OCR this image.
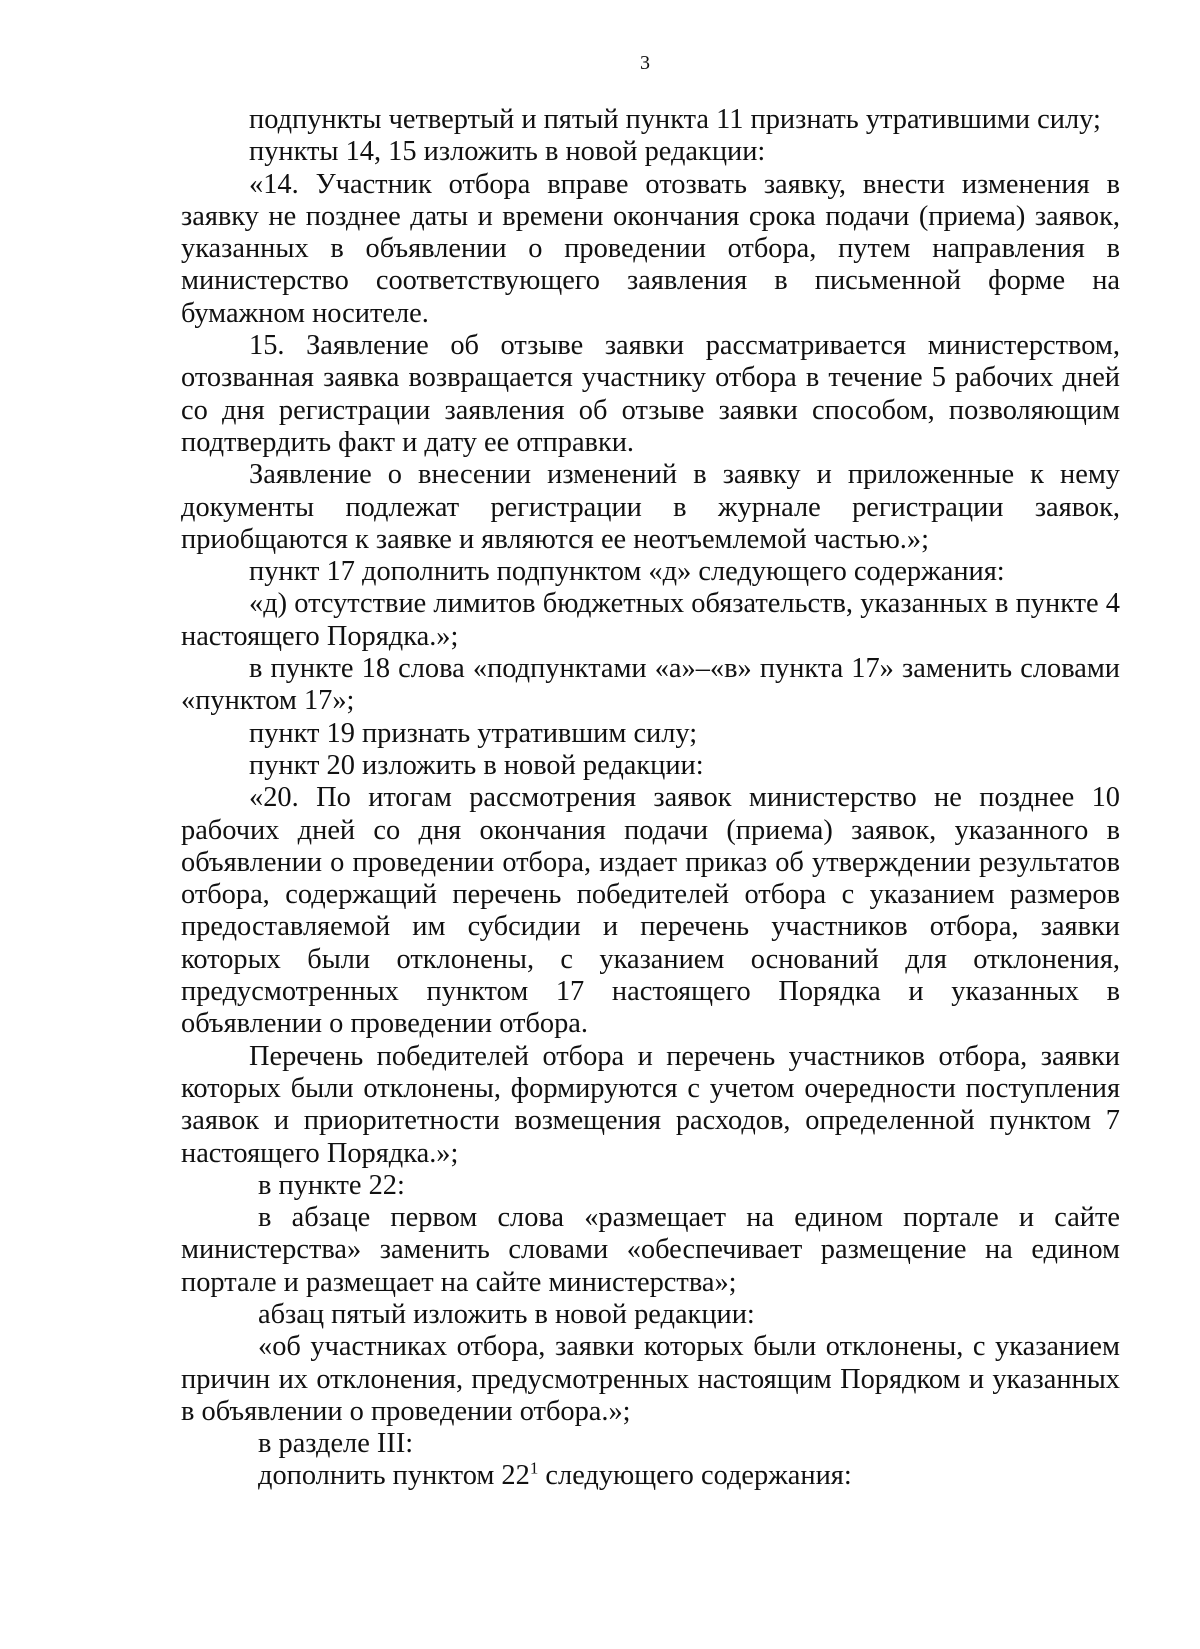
3

подпункты четвертый и пятый пункта 11 признать утратившими силу;

пункты 14, 15 изложить в новой редакции:

«14. Участник отбора вправе отозвать заявку, внести изменения в заявку не позднее даты и времени окончания срока подачи (приема) заявок, указанных в объявлении о проведении отбора, путем направления в министерство соответствующего заявления в письменной форме на бумажном носителе.

15. Заявление об отзыве заявки рассматривается министерством, отозванная заявка возвращается участнику отбора в течение 5 рабочих дней со дня регистрации заявления об отзыве заявки способом, позволяющим подтвердить факт и дату ее отправки.

Заявление о внесении изменений в заявку и приложенные к нему документы подлежат регистрации в журнале регистрации заявок, приобщаются к заявке и являются ее неотъемлемой частью.»;

пункт 17 дополнить подпунктом «д» следующего содержания:

«д) отсутствие лимитов бюджетных обязательств, указанных в пункте 4 настоящего Порядка.»;

в пункте 18 слова «подпунктами «а»–«в» пункта 17» заменить словами «пунктом 17»;

пункт 19 признать утратившим силу;

пункт 20 изложить в новой редакции:

«20. По итогам рассмотрения заявок министерство не позднее 10 рабочих дней со дня окончания подачи (приема) заявок, указанного в объявлении о проведении отбора, издает приказ об утверждении результатов отбора, содержащий перечень победителей отбора с указанием размеров предоставляемой им субсидии и перечень участников отбора, заявки которых были отклонены, с указанием оснований для отклонения, предусмотренных пунктом 17 настоящего Порядка и указанных в объявлении о проведении отбора.

Перечень победителей отбора и перечень участников отбора, заявки которых были отклонены, формируются с учетом очередности поступления заявок и приоритетности возмещения расходов, определенной пунктом 7 настоящего Порядка.»;

в пункте 22:

в абзаце первом слова «размещает на едином портале и сайте министерства» заменить словами «обеспечивает размещение на едином портале и размещает на сайте министерства»;

абзац пятый изложить в новой редакции:

«об участниках отбора, заявки которых были отклонены, с указанием причин их отклонения, предусмотренных настоящим Порядком и указанных в объявлении о проведении отбора.»;

в разделе III:

дополнить пунктом $22^1$ следующего содержания:
